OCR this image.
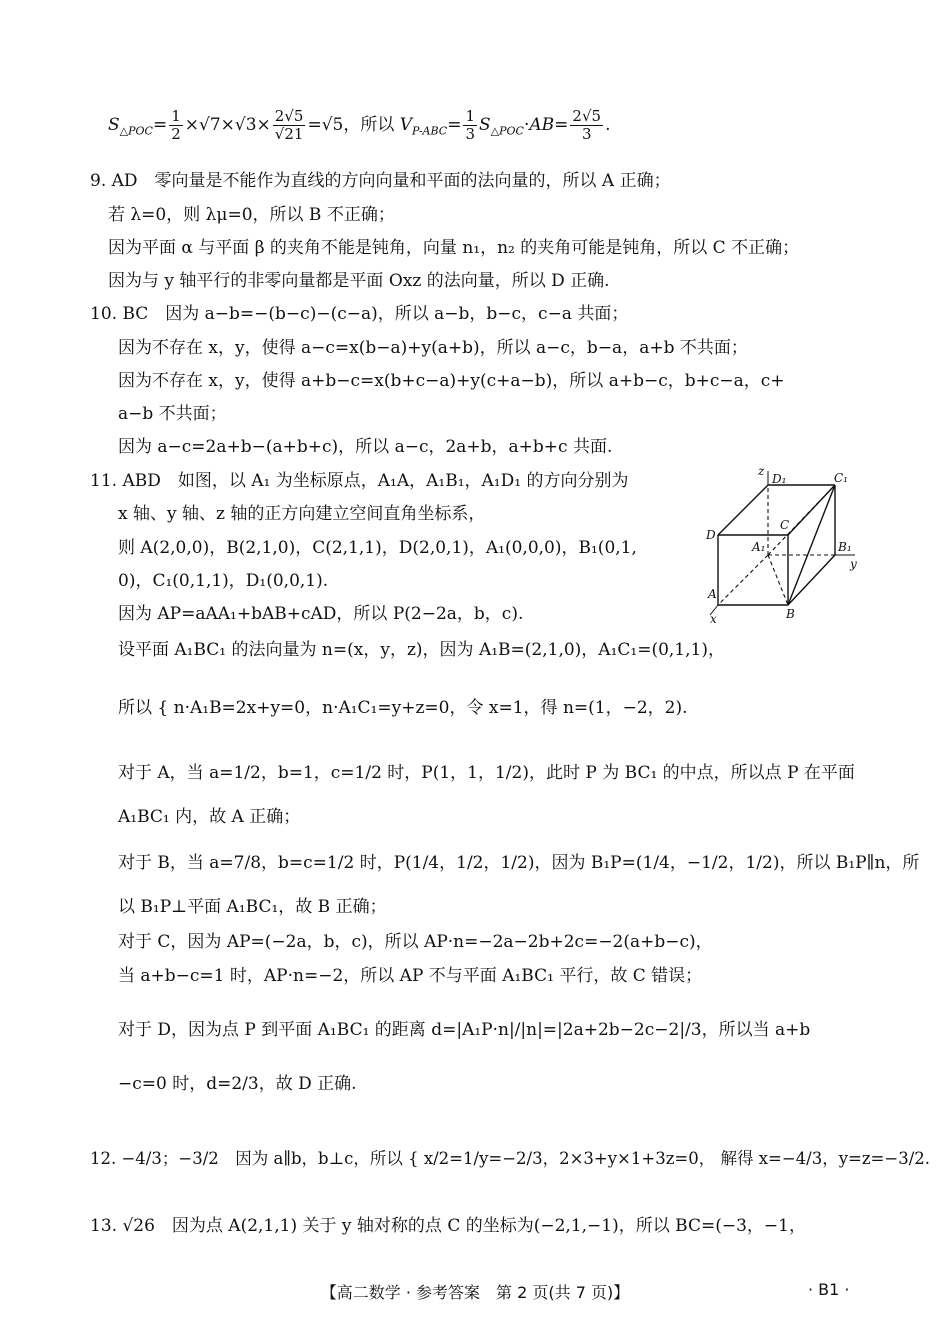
$S_{\triangle POC}= \frac{1}{2} \times√7\times√3\times \frac{2√5}{√21} =√5$，所以 $V_{P-ABC}= \frac{1}{3} S_{\triangle POC}\cdot AB= \frac{2√5}{3}$ .
9. AD　零向量是不能作为直线的方向向量和平面的法向量的，所以 A 正确；
若 λ=0，则 λμ=0，所以 B 不正确；
因为平面 α 与平面 β 的夹角不能是钝角，向量 n₁，n₂ 的夹角可能是钝角，所以 C 不正确；
因为与 y 轴平行的非零向量都是平面 Oxz 的法向量，所以 D 正确.
10. BC　因为 a−b=−(b−c)−(c−a)，所以 a−b，b−c，c−a 共面；
因为不存在 x，y，使得 a−c=x(b−a)+y(a+b)，所以 a−c，b−a，a+b 不共面；
因为不存在 x，y，使得 a+b−c=x(b+c−a)+y(c+a−b)，所以 a+b−c，b+c−a，c+
a−b 不共面；
因为 a−c=2a+b−(a+b+c)，所以 a−c，2a+b，a+b+c 共面.
11. ABD　如图，以 A₁ 为坐标原点，A₁A，A₁B₁，A₁D₁ 的方向分别为
x 轴、y 轴、z 轴的正方向建立空间直角坐标系，
则 A(2,0,0)，B(2,1,0)，C(2,1,1)，D(2,0,1)，A₁(0,0,0)，B₁(0,1,
0)，C₁(0,1,1)，D₁(0,0,1).
因为 AP=aAA₁+bAB+cAD，所以 P(2−2a，b，c).
设平面 A₁BC₁ 的法向量为 n=(x，y，z)，因为 A₁B=(2,1,0)，A₁C₁=(0,1,1)，
所以 { n·A₁B=2x+y=0，n·A₁C₁=y+z=0，令 x=1，得 n=(1，−2，2).
对于 A，当 a=1/2，b=1，c=1/2 时，P(1，1，1/2)，此时 P 为 BC₁ 的中点，所以点 P 在平面
A₁BC₁ 内，故 A 正确；
对于 B，当 a=7/8，b=c=1/2 时，P(1/4，1/2，1/2)，因为 B₁P=(1/4，−1/2，1/2)，所以 B₁P∥n，所
以 B₁P⊥平面 A₁BC₁，故 B 正确；
对于 C，因为 AP=(−2a，b，c)，所以 AP·n=−2a−2b+2c=−2(a+b−c)，
当 a+b−c=1 时，AP·n=−2，所以 AP 不与平面 A₁BC₁ 平行，故 C 错误；
对于 D，因为点 P 到平面 A₁BC₁ 的距离 d=|A₁P·n|/|n|=|2a+2b−2c−2|/3，所以当 a+b
−c=0 时，d=2/3，故 D 正确.
z
D₁	C₁
D
C
A₁	B₁
y
A
B
x
12. −4/3；−3/2　因为 a∥b，b⊥c，所以 { x/2=1/y=−2/3，2×3+y×1+3z=0， 解得 x=−4/3，y=z=−3/2.
13. √26　因为点 A(2,1,1) 关于 y 轴对称的点 C 的坐标为(−2,1,−1)，所以 BC=(−3，−1，
【高二数学 · 参考答案　第 2 页(共 7 页)】	· B1 ·
